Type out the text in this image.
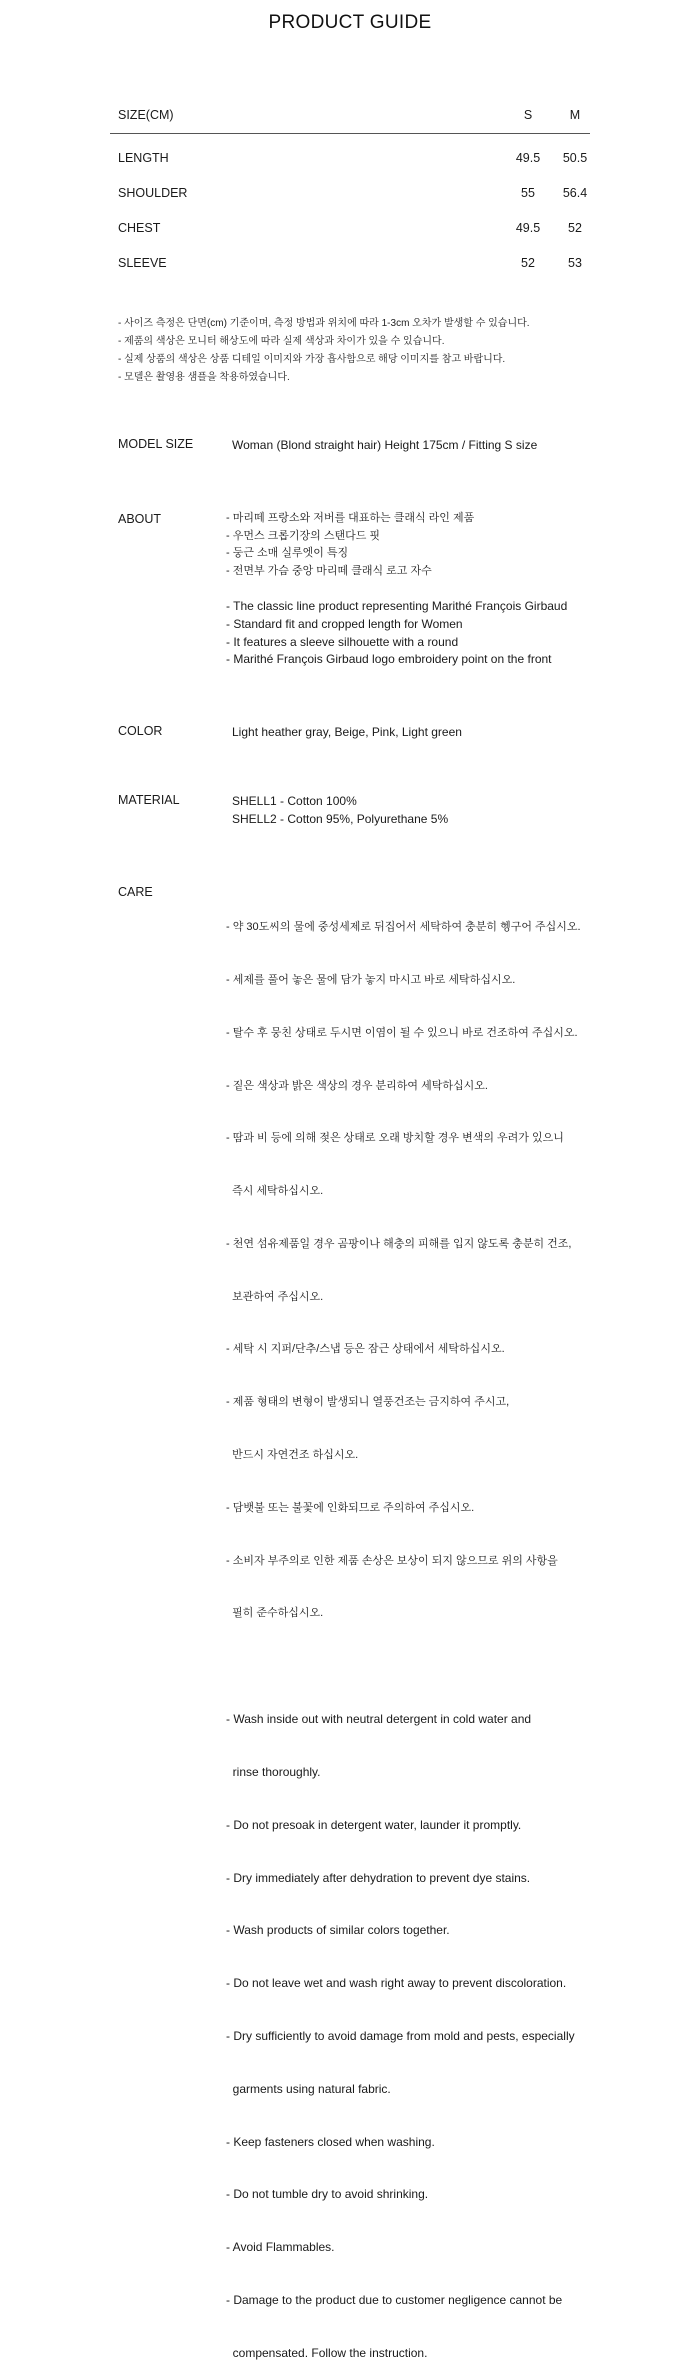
PRODUCT GUIDE
SIZE(CM)	S	M
LENGTH	49.5	50.5
SHOULDER	55	56.4
CHEST	49.5	52
SLEEVE	52	53
- 사이즈 측정은 단면(cm) 기준이며, 측정 방법과 위치에 따라 1-3cm 오차가 발생할 수 있습니다.
- 제품의 색상은 모니터 해상도에 따라 실제 색상과 차이가 있을 수 있습니다.
- 실제 상품의 색상은 상품 디테일 이미지와 가장 흡사함으로 해당 이미지를 참고 바랍니다.
- 모델은 촬영용 샘플을 착용하였습니다.
MODEL SIZE	Woman (Blond straight hair) Height 175cm / Fitting S size
ABOUT	- 마리떼 프랑소와 저버를 대표하는 클래식 라인 제품
- 우먼스 크롭기장의 스탠다드 핏
- 둥근 소매 실루엣이 특징
- 전면부 가슴 중앙 마리떼 클래식 로고 자수
- The classic line product representing Marithé François Girbaud
- Standard fit and cropped length for Women
- It features a sleeve silhouette with a round
- Marithé François Girbaud logo embroidery point on the front
COLOR	Light heather gray, Beige, Pink, Light green
MATERIAL	SHELL1 - Cotton 100%
SHELL2 - Cotton 95%, Polyurethane 5%
CARE

- 약 30도씨의 물에 중성세제로 뒤집어서 세탁하여 충분히 헹구어 주십시오.

- 세제를 풀어 놓은 물에 담가 놓지 마시고 바로 세탁하십시오.

- 탈수 후 뭉친 상태로 두시면 이염이 될 수 있으니 바로 건조하여 주십시오.

- 짙은 색상과 밝은 색상의 경우 분리하여 세탁하십시오.

- 땀과 비 등에 의해 젖은 상태로 오래 방치할 경우 변색의 우려가 있으니

즉시 세탁하십시오.

- 천연 섬유제품일 경우 곰팡이나 해충의 피해를 입지 않도록 충분히 건조,

보관하여 주십시오.

- 세탁 시 지퍼/단추/스냅 등은 잠근 상태에서 세탁하십시오.

- 제품 형태의 변형이 발생되니 열풍건조는 금지하여 주시고,

반드시 자연건조 하십시오.

- 담뱃불 또는 불꽃에 인화되므로 주의하여 주십시오.

- 소비자 부주의로 인한 제품 손상은 보상이 되지 않으므로 위의 사항을

필히 준수하십시오.

- Wash inside out with neutral detergent in cold water and

rinse thoroughly.

- Do not presoak in detergent water, launder it promptly.

- Dry immediately after dehydration to prevent dye stains.

- Wash products of similar colors together.

- Do not leave wet and wash right away to prevent discoloration.

- Dry sufficiently to avoid damage from mold and pests, especially

garments using natural fabric.

- Keep fasteners closed when washing.

- Do not tumble dry to avoid shrinking.

- Avoid Flammables.

- Damage to the product due to customer negligence cannot be

compensated. Follow the instruction.
